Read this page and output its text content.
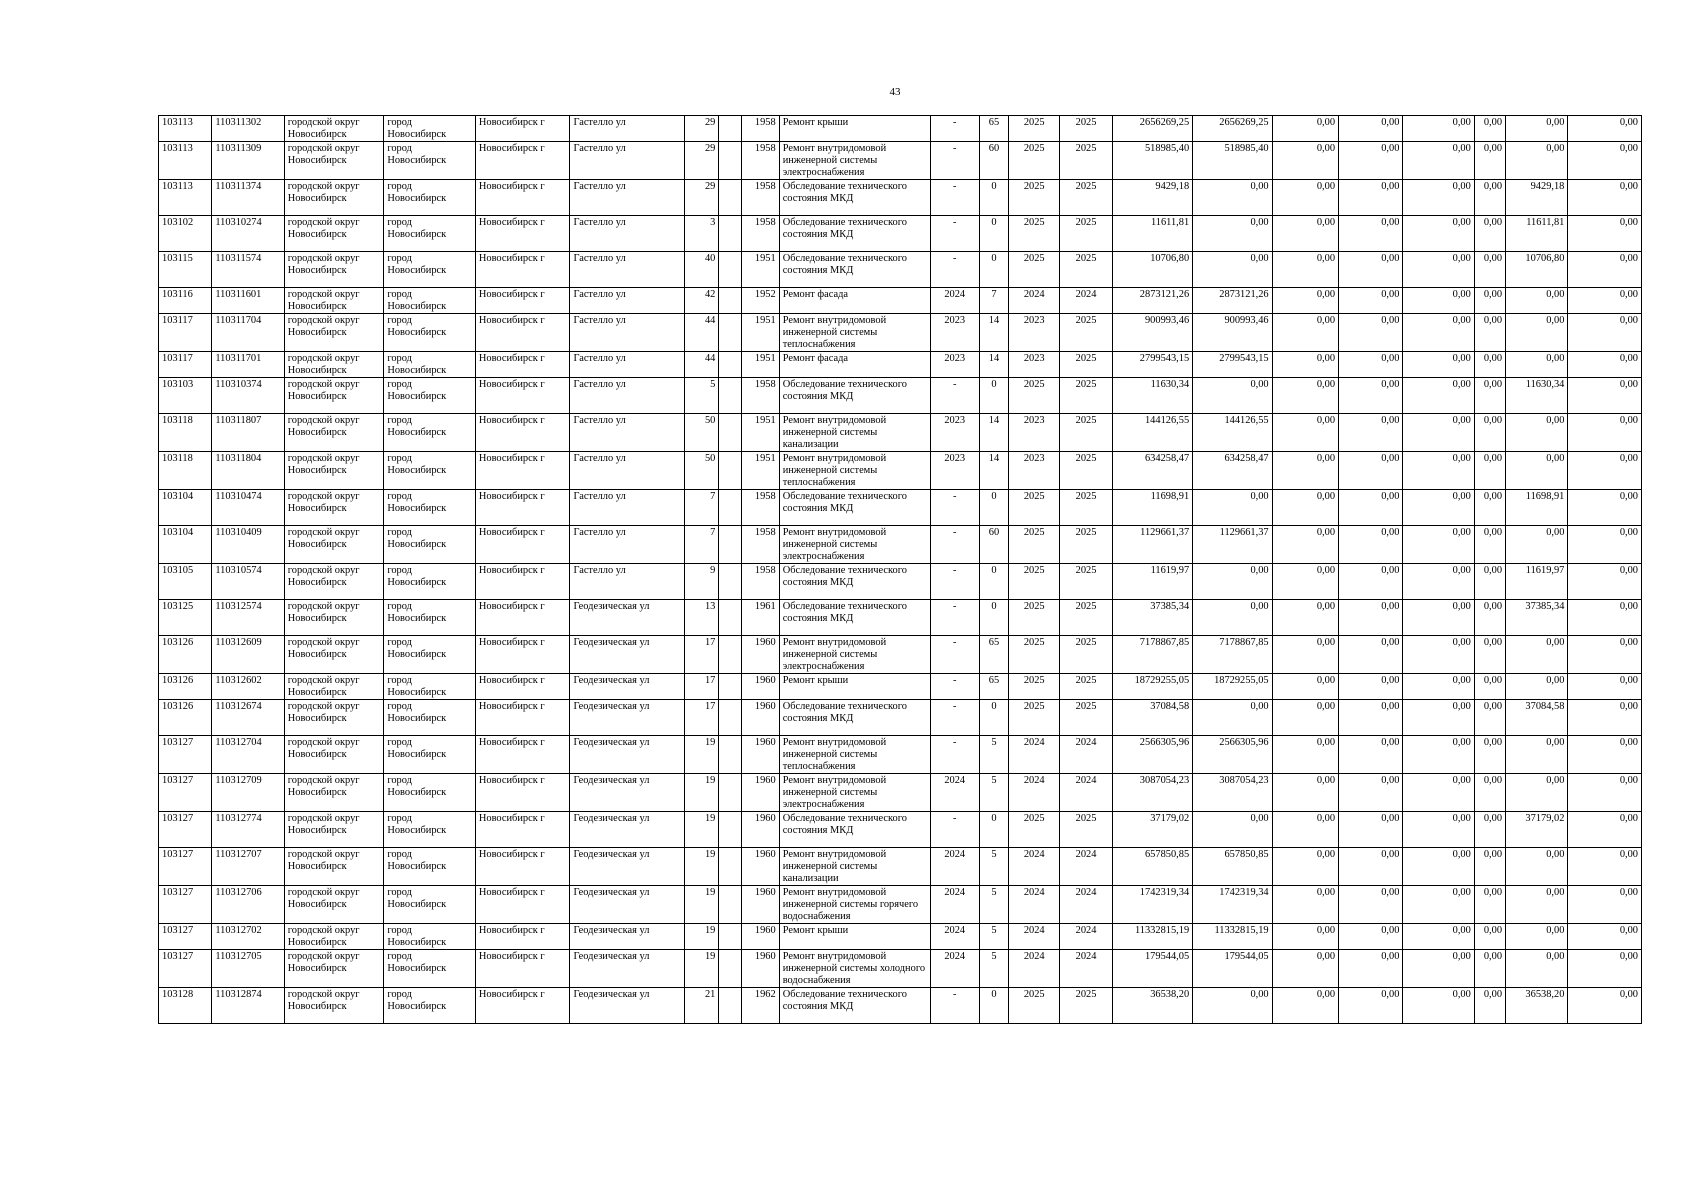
43
103113	110311302	городской округ Новосибирск	город Новосибирск	Новосибирск г	Гастелло ул	29		1958	Ремонт крыши	-	65	2025	2025	2656269,25	2656269,25	0,00	0,00	0,00	0,00	0,00	0,00
103113	110311309	городской округ Новосибирск	город Новосибирск	Новосибирск г	Гастелло ул	29		1958	Ремонт внутридомовой инженерной системы электроснабжения	-	60	2025	2025	518985,40	518985,40	0,00	0,00	0,00	0,00	0,00	0,00
103113	110311374	городской округ Новосибирск	город Новосибирск	Новосибирск г	Гастелло ул	29		1958	Обследование технического состояния МКД	-	0	2025	2025	9429,18	0,00	0,00	0,00	0,00	0,00	9429,18	0,00
103102	110310274	городской округ Новосибирск	город Новосибирск	Новосибирск г	Гастелло ул	3		1958	Обследование технического состояния МКД	-	0	2025	2025	11611,81	0,00	0,00	0,00	0,00	0,00	11611,81	0,00
103115	110311574	городской округ Новосибирск	город Новосибирск	Новосибирск г	Гастелло ул	40		1951	Обследование технического состояния МКД	-	0	2025	2025	10706,80	0,00	0,00	0,00	0,00	0,00	10706,80	0,00
103116	110311601	городской округ Новосибирск	город Новосибирск	Новосибирск г	Гастелло ул	42		1952	Ремонт фасада	2024	7	2024	2024	2873121,26	2873121,26	0,00	0,00	0,00	0,00	0,00	0,00
103117	110311704	городской округ Новосибирск	город Новосибирск	Новосибирск г	Гастелло ул	44		1951	Ремонт внутридомовой инженерной системы теплоснабжения	2023	14	2023	2025	900993,46	900993,46	0,00	0,00	0,00	0,00	0,00	0,00
103117	110311701	городской округ Новосибирск	город Новосибирск	Новосибирск г	Гастелло ул	44		1951	Ремонт фасада	2023	14	2023	2025	2799543,15	2799543,15	0,00	0,00	0,00	0,00	0,00	0,00
103103	110310374	городской округ Новосибирск	город Новосибирск	Новосибирск г	Гастелло ул	5		1958	Обследование технического состояния МКД	-	0	2025	2025	11630,34	0,00	0,00	0,00	0,00	0,00	11630,34	0,00
103118	110311807	городской округ Новосибирск	город Новосибирск	Новосибирск г	Гастелло ул	50		1951	Ремонт внутридомовой инженерной системы канализации	2023	14	2023	2025	144126,55	144126,55	0,00	0,00	0,00	0,00	0,00	0,00
103118	110311804	городской округ Новосибирск	город Новосибирск	Новосибирск г	Гастелло ул	50		1951	Ремонт внутридомовой инженерной системы теплоснабжения	2023	14	2023	2025	634258,47	634258,47	0,00	0,00	0,00	0,00	0,00	0,00
103104	110310474	городской округ Новосибирск	город Новосибирск	Новосибирск г	Гастелло ул	7		1958	Обследование технического состояния МКД	-	0	2025	2025	11698,91	0,00	0,00	0,00	0,00	0,00	11698,91	0,00
103104	110310409	городской округ Новосибирск	город Новосибирск	Новосибирск г	Гастелло ул	7		1958	Ремонт внутридомовой инженерной системы электроснабжения	-	60	2025	2025	1129661,37	1129661,37	0,00	0,00	0,00	0,00	0,00	0,00
103105	110310574	городской округ Новосибирск	город Новосибирск	Новосибирск г	Гастелло ул	9		1958	Обследование технического состояния МКД	-	0	2025	2025	11619,97	0,00	0,00	0,00	0,00	0,00	11619,97	0,00
103125	110312574	городской округ Новосибирск	город Новосибирск	Новосибирск г	Геодезическая ул	13		1961	Обследование технического состояния МКД	-	0	2025	2025	37385,34	0,00	0,00	0,00	0,00	0,00	37385,34	0,00
103126	110312609	городской округ Новосибирск	город Новосибирск	Новосибирск г	Геодезическая ул	17		1960	Ремонт внутридомовой инженерной системы электроснабжения	-	65	2025	2025	7178867,85	7178867,85	0,00	0,00	0,00	0,00	0,00	0,00
103126	110312602	городской округ Новосибирск	город Новосибирск	Новосибирск г	Геодезическая ул	17		1960	Ремонт крыши	-	65	2025	2025	18729255,05	18729255,05	0,00	0,00	0,00	0,00	0,00	0,00
103126	110312674	городской округ Новосибирск	город Новосибирск	Новосибирск г	Геодезическая ул	17		1960	Обследование технического состояния МКД	-	0	2025	2025	37084,58	0,00	0,00	0,00	0,00	0,00	37084,58	0,00
103127	110312704	городской округ Новосибирск	город Новосибирск	Новосибирск г	Геодезическая ул	19		1960	Ремонт внутридомовой инженерной системы теплоснабжения	-	5	2024	2024	2566305,96	2566305,96	0,00	0,00	0,00	0,00	0,00	0,00
103127	110312709	городской округ Новосибирск	город Новосибирск	Новосибирск г	Геодезическая ул	19		1960	Ремонт внутридомовой инженерной системы электроснабжения	2024	5	2024	2024	3087054,23	3087054,23	0,00	0,00	0,00	0,00	0,00	0,00
103127	110312774	городской округ Новосибирск	город Новосибирск	Новосибирск г	Геодезическая ул	19		1960	Обследование технического состояния МКД	-	0	2025	2025	37179,02	0,00	0,00	0,00	0,00	0,00	37179,02	0,00
103127	110312707	городской округ Новосибирск	город Новосибирск	Новосибирск г	Геодезическая ул	19		1960	Ремонт внутридомовой инженерной системы канализации	2024	5	2024	2024	657850,85	657850,85	0,00	0,00	0,00	0,00	0,00	0,00
103127	110312706	городской округ Новосибирск	город Новосибирск	Новосибирск г	Геодезическая ул	19		1960	Ремонт внутридомовой инженерной системы горячего водоснабжения	2024	5	2024	2024	1742319,34	1742319,34	0,00	0,00	0,00	0,00	0,00	0,00
103127	110312702	городской округ Новосибирск	город Новосибирск	Новосибирск г	Геодезическая ул	19		1960	Ремонт крыши	2024	5	2024	2024	11332815,19	11332815,19	0,00	0,00	0,00	0,00	0,00	0,00
103127	110312705	городской округ Новосибирск	город Новосибирск	Новосибирск г	Геодезическая ул	19		1960	Ремонт внутридомовой инженерной системы холодного водоснабжения	2024	5	2024	2024	179544,05	179544,05	0,00	0,00	0,00	0,00	0,00	0,00
103128	110312874	городской округ Новосибирск	город Новосибирск	Новосибирск г	Геодезическая ул	21		1962	Обследование технического состояния МКД	-	0	2025	2025	36538,20	0,00	0,00	0,00	0,00	0,00	36538,20	0,00
